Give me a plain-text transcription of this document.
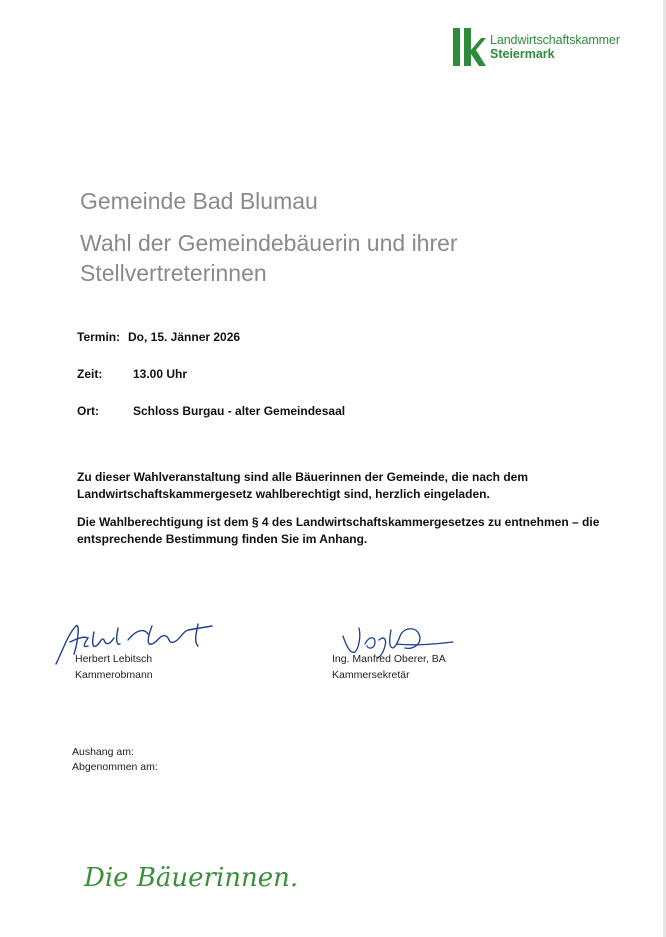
Landwirtschaftskammer
Steiermark
Gemeinde Bad Blumau
Wahl der Gemeindebäuerin und ihrer Stellvertreterinnen
Termin: Do, 15. Jänner 2026
Zeit:	13.00 Uhr
Ort:	Schloss Burgau - alter Gemeindesaal

Zu dieser Wahlveranstaltung sind alle Bäuerinnen der Gemeinde, die nach dem Landwirtschaftskammergesetz wahlberechtigt sind, herzlich eingeladen.

Die Wahlberechtigung ist dem § 4 des Landwirtschaftskammergesetzes zu entnehmen – die entsprechende Bestimmung finden Sie im Anhang.

Herbert Lebitsch
Kammerobmann
Ing. Manfred Oberer, BA
Kammersekretär
Aushang am:
Abgenommen am:
Die Bäuerinnen.
